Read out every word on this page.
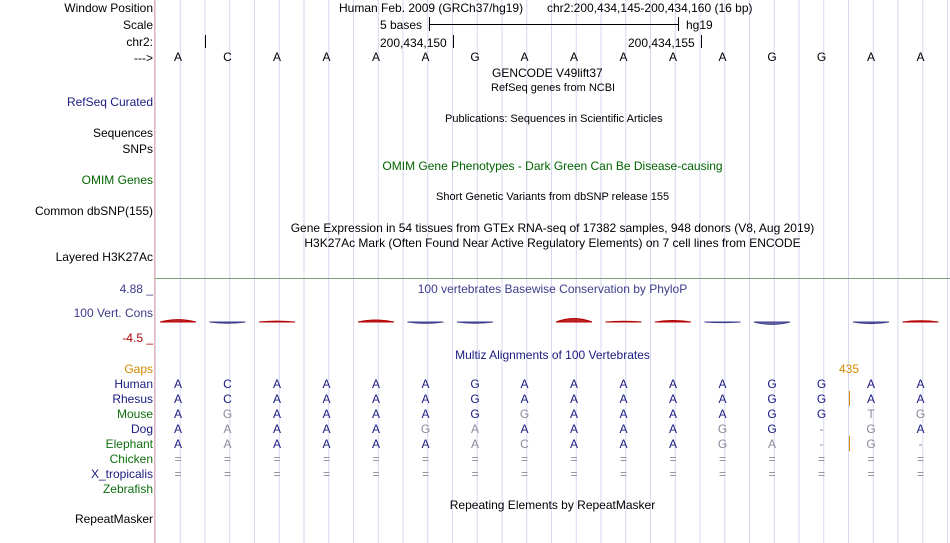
Window Position
Scale
chr2:
--->
Human Feb. 2009 (GRCh37/hg19) chr2:200,434,145-200,434,160 (16 bp)
5 bases	hg19
200,434,150	200,434,155
A	C	A	A	A	A	G	A	A	A	A	A	G	G	A	A
GENCODE V49lift37
RefSeq genes from NCBI
RefSeq Curated
Publications: Sequences in Scientific Articles
Sequences
SNPs
OMIM Gene Phenotypes - Dark Green Can Be Disease-causing
OMIM Genes
Short Genetic Variants from dbSNP release 155
Common dbSNP(155)
Gene Expression in 54 tissues from GTEx RNA-seq of 17382 samples, 948 donors (V8, Aug 2019)
H3K27Ac Mark (Often Found Near Active Regulatory Elements) on 7 cell lines from ENCODE
Layered H3K27Ac
4.88 _	100 vertebrates Basewise Conservation by PhyloP
100 Vert. Cons
-4.5 _
Multiz Alignments of 100 Vertebrates
Gaps	435
Human	A	C	A	A	A	A	G	A	A	A	A	A	G	G	A	A
Rhesus	A	C	A	A	A	A	G	A	A	A	A	A	G	G	A	A
Mouse	A	G	A	A	A	A	G	G	A	A	A	A	G	G	T	G
Dog	A	A	A	A	A	G	A	A	A	A	A	G	G	-	G	A
Elephant	A	A	A	A	A	A	A	C	A	A	A	G	A	-	G	-
Chicken	=	=	=	=	=	=	=	=	=	=	=	=	=	=	=	=
X_tropicalis	=	=	=	=	=	=	=	=	=	=	=	=	=	=	=	=
Zebrafish
Repeating Elements by RepeatMasker
RepeatMasker
